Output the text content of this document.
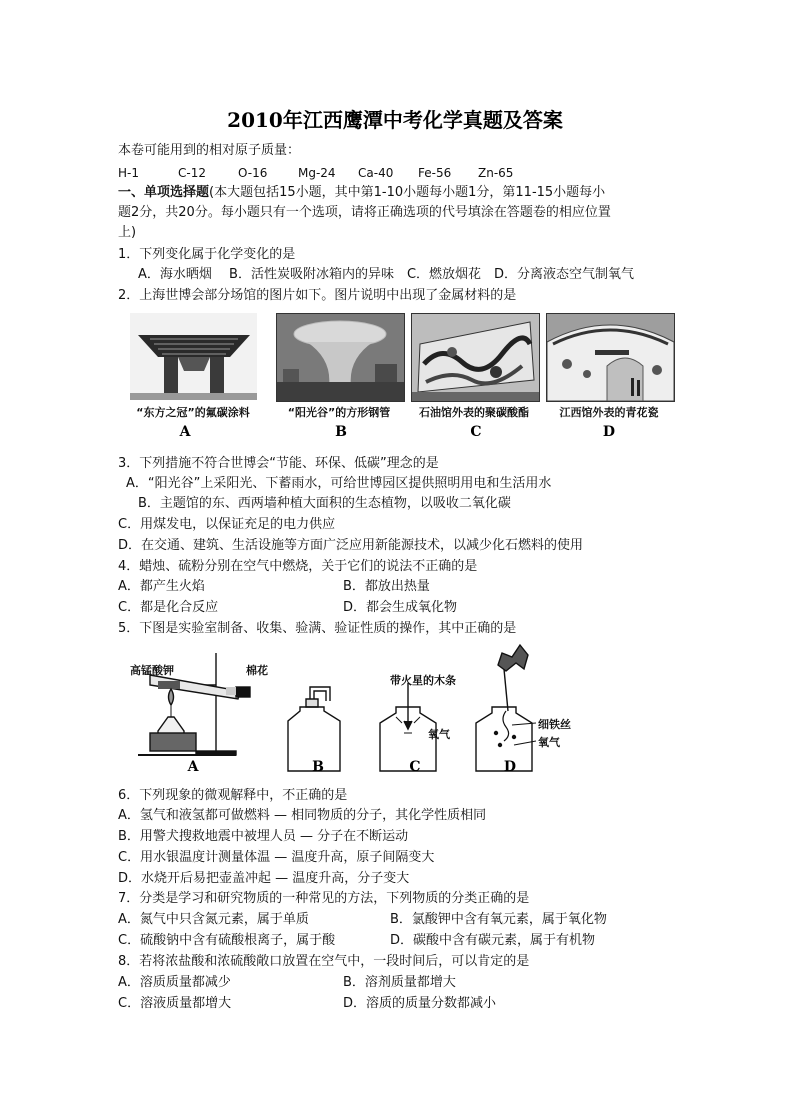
2010年江西鹰潭中考化学真题及答案
本卷可能用到的相对原子质量：
H-1	C-12	O-16	Mg-24 Ca-40 Fe-56 Zn-65
一、单项选择题(本大题包括15小题，其中第1-10小题每小题1分，第11-15小题每小
题2分，共20分。每小题只有一个选项，请将正确选项的代号填涂在答题卷的相应位置
上)
1．下列变化属于化学变化的是
A．海水晒烟　 B．活性炭吸附冰箱内的异味　C．燃放烟花　D．分离液态空气制氧气
2．上海世博会部分场馆的图片如下。图片说明中出现了金属材料的是
“东方之冠”的氟碳涂料	“阳光谷”的方形钢管	石油馆外表的聚碳酸酯	江西馆外表的青花瓷
A	B	C	D
3．下列措施不符合世博会“节能、环保、低碳”理念的是
A．“阳光谷”上采阳光、下蓄雨水，可给世博园区提供照明用电和生活用水
B．主题馆的东、西两墙种植大面积的生态植物，以吸收二氧化碳
C．用煤发电，以保证充足的电力供应
D．在交通、建筑、生活设施等方面广泛应用新能源技术，以减少化石燃料的使用
4．蜡烛、硫粉分别在空气中燃烧，关于它们的说法不正确的是
A．都产生火焰	B．都放出热量
C．都是化合反应	D．都会生成氧化物
5．下图是实验室制备、收集、验满、验证性质的操作，其中正确的是
高锰酸钾	棉花
带火星的木条
氧气
细铁丝
氧气
A	B	C	D
6．下列现象的微观解释中，不正确的是
A．氢气和液氢都可做燃料 — 相同物质的分子，其化学性质相同
B．用警犬搜救地震中被埋人员 — 分子在不断运动
C．用水银温度计测量体温 — 温度升高，原子间隔变大
D．水烧开后易把壶盖冲起 — 温度升高，分子变大
7．分类是学习和研究物质的一种常见的方法，下列物质的分类正确的是
A．氮气中只含氮元素，属于单质	B．氯酸钾中含有氧元素，属于氧化物
C．硫酸钠中含有硫酸根离子，属于酸	D．碳酸中含有碳元素，属于有机物
8．若将浓盐酸和浓硫酸敞口放置在空气中，一段时间后，可以肯定的是
A．溶质质量都减少	B．溶剂质量都增大
C．溶液质量都增大	D．溶质的质量分数都减小
